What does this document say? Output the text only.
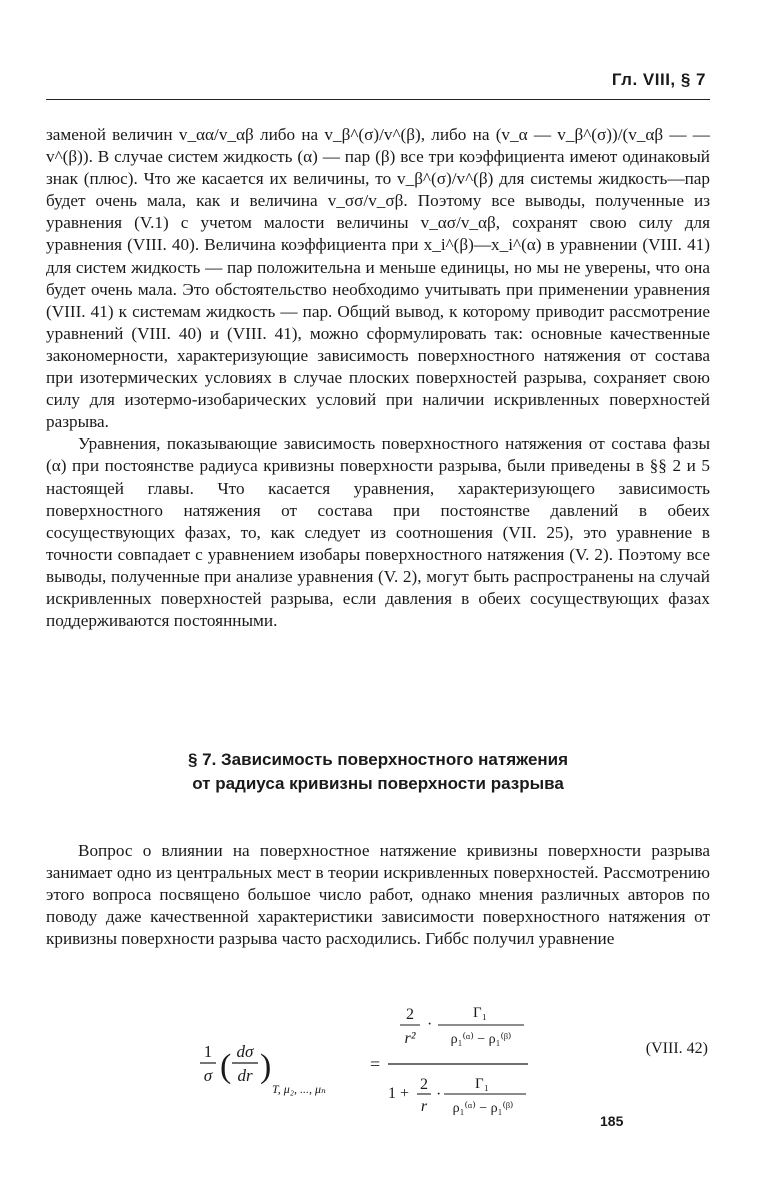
Гл. VIII, § 7

заменой величин v_αα/v_αβ либо на v_β^(σ)/v^(β), либо на (v_α — v_β^(σ))/(v_αβ — — v^(β)). В случае систем жидкость (α) — пар (β) все три коэффициента имеют одинаковый знак (плюс). Что же касается их величины, то v_β^(σ)/v^(β) для системы жидкость—пар будет очень мала, как и величина v_σσ/v_σβ. Поэтому все выводы, полученные из уравнения (V.1) с учетом малости величины v_ασ/v_αβ, сохранят свою силу для уравнения (VIII. 40). Величина коэффициента при x_i^(β)—x_i^(α) в уравнении (VIII. 41) для систем жидкость — пар положительна и меньше единицы, но мы не уверены, что она будет очень мала. Это обстоятельство необходимо учитывать при применении уравнения (VIII. 41) к системам жидкость — пар. Общий вывод, к которому приводит рассмотрение уравнений (VIII. 40) и (VIII. 41), можно сформулировать так: основные качественные закономерности, характеризующие зависимость поверхностного натяжения от состава при изотермических условиях в случае плоских поверхностей разрыва, сохраняет свою силу для изотермо-изобарических условий при наличии искривленных поверхностей разрыва.

Уравнения, показывающие зависимость поверхностного натяжения от состава фазы (α) при постоянстве радиуса кривизны поверхности разрыва, были приведены в §§ 2 и 5 настоящей главы. Что касается уравнения, характеризующего зависимость поверхностного натяжения от состава при постоянстве давлений в обеих сосуществующих фазах, то, как следует из соотношения (VII. 25), это уравнение в точности совпадает с уравнением изобары поверхностного натяжения (V. 2). Поэтому все выводы, полученные при анализе уравнения (V. 2), могут быть распространены на случай искривленных поверхностей разрыва, если давления в обеих сосуществующих фазах поддерживаются постоянными.

§ 7. Зависимость поверхностного натяжения
от радиуса кривизны поверхности разрыва

Вопрос о влиянии на поверхностное натяжение кривизны поверхности разрыва занимает одно из центральных мест в теории искривленных поверхностей. Рассмотрению этого вопроса посвящено большое число работ, однако мнения различных авторов по поводу даже качественной характеристики зависимости поверхностного натяжения от кривизны поверхности разрыва часто расходились. Гиббс получил уравнение

1
σ ( dσ
dr )
T, μ₂, ..., μₙ
=
2
r²
·
Γ₁
ρ₁⁽ᵅ⁾ − ρ₁⁽ᵝ⁾
1 +
2
r
·
Γ₁
ρ₁⁽ᵅ⁾ − ρ₁⁽ᵝ⁾
(VIII. 42)
185
